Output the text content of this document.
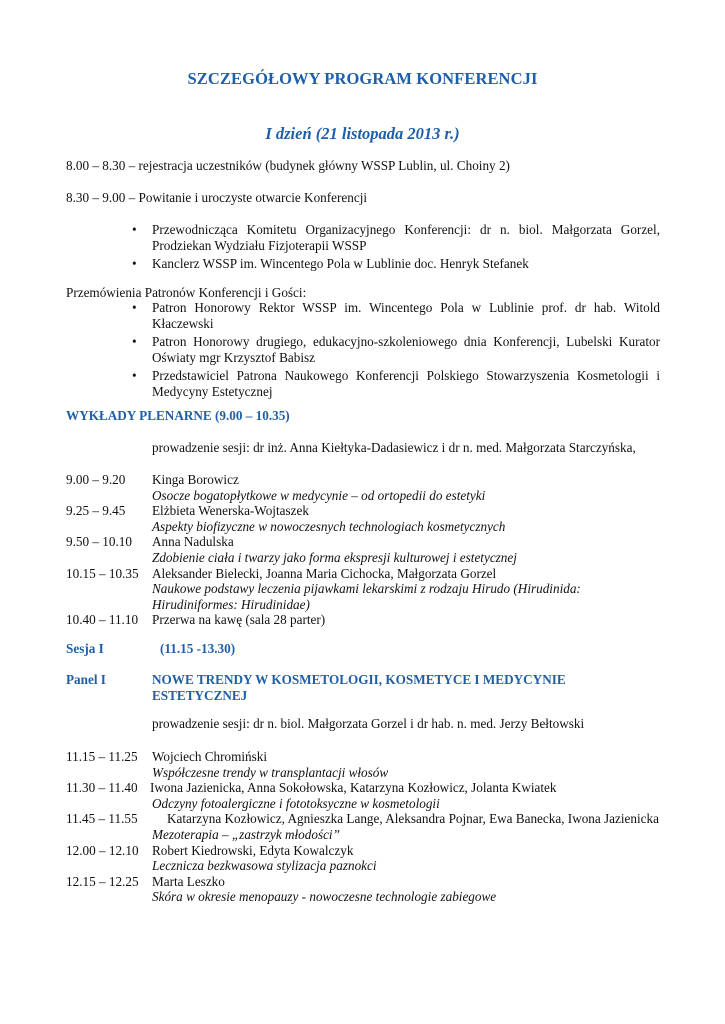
SZCZEGÓŁOWY PROGRAM KONFERENCJI
I dzień (21 listopada 2013 r.)
8.00 – 8.30 – rejestracja uczestników (budynek główny WSSP Lublin, ul. Choiny 2)
8.30 – 9.00 – Powitanie i uroczyste otwarcie Konferencji
• Przewodnicząca Komitetu Organizacyjnego Konferencji: dr n. biol. Małgorzata Gorzel, Prodziekan Wydziału Fizjoterapii WSSP
• Kanclerz WSSP im. Wincentego Pola w Lublinie doc. Henryk Stefanek
Przemówienia Patronów Konferencji i Gości:
• Patron Honorowy Rektor WSSP im. Wincentego Pola w Lublinie prof. dr hab. Witold Kłaczewski
• Patron Honorowy drugiego, edukacyjno-szkoleniowego dnia Konferencji, Lubelski Kurator Oświaty mgr Krzysztof Babisz
• Przedstawiciel Patrona Naukowego Konferencji Polskiego Stowarzyszenia Kosmetologii i Medycyny Estetycznej
WYKŁADY PLENARNE (9.00 – 10.35)
prowadzenie sesji: dr inż. Anna Kiełtyka-Dadasiewicz i dr n. med. Małgorzata Starczyńska,
9.00 – 9.20	Kinga Borowicz
Osocze bogatopłytkowe w medycynie – od ortopedii do estetyki
9.25 – 9.45	Elżbieta Wenerska-Wojtaszek
Aspekty biofizyczne w nowoczesnych technologiach kosmetycznych
9.50 – 10.10	Anna Nadulska
Zdobienie ciała i twarzy jako forma ekspresji kulturowej i estetycznej
10.15 – 10.35	Aleksander Bielecki, Joanna Maria Cichocka, Małgorzata Gorzel
Naukowe podstawy leczenia pijawkami lekarskimi z rodzaju Hirudo (Hirudinida: Hirudiniformes: Hirudinidae)
10.40 – 11.10	Przerwa na kawę (sala 28 parter)
Sesja I	(11.15 -13.30)
Panel I	NOWE TRENDY W KOSMETOLOGII, KOSMETYCE I MEDYCYNIE ESTETYCZNEJ
prowadzenie sesji: dr n. biol. Małgorzata Gorzel i dr hab. n. med. Jerzy Bełtowski
11.15 – 11.25	Wojciech Chromiński
Współczesne trendy w transplantacji włosów
11.30 – 11.40 Iwona Jazienicka, Anna Sokołowska, Katarzyna Kozłowicz, Jolanta Kwiatek
Odczyny fotoalergiczne i fototoksyczne w kosmetologii
11.45 – 11.55	Katarzyna Kozłowicz, Agnieszka Lange, Aleksandra Pojnar, Ewa Banecka, Iwona Jazienicka
Mezoterapia – „zastrzyk młodości”
12.00 – 12.10	Robert Kiedrowski, Edyta Kowalczyk
Lecznicza bezkwasowa stylizacja paznokci
12.15 – 12.25	Marta Leszko
Skóra w okresie menopauzy - nowoczesne technologie zabiegowe
